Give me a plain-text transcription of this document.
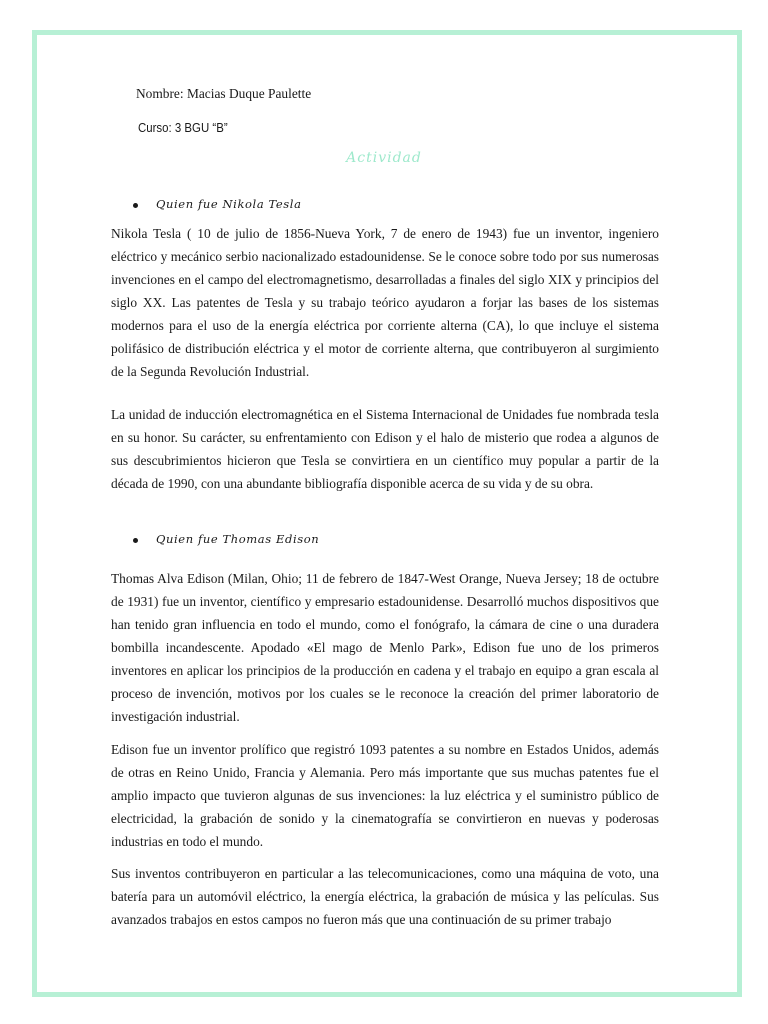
Nombre: Macias Duque Paulette
Curso: 3 BGU “B”
Actividad
Quien fue Nikola Tesla

Nikola Tesla ( 10 de julio de 1856-Nueva York, 7 de enero de 1943) fue un inventor, ingeniero eléctrico y mecánico serbio nacionalizado estadounidense. Se le conoce sobre todo por sus numerosas invenciones en el campo del electromagnetismo, desarrolladas a finales del siglo XIX y principios del siglo XX. Las patentes de Tesla y su trabajo teórico ayudaron a forjar las bases de los sistemas modernos para el uso de la energía eléctrica por corriente alterna (CA), lo que incluye el sistema polifásico de distribución eléctrica y el motor de corriente alterna, que contribuyeron al surgimiento de la Segunda Revolución Industrial.

La unidad de inducción electromagnética en el Sistema Internacional de Unidades fue nombrada tesla en su honor. Su carácter, su enfrentamiento con Edison y el halo de misterio que rodea a algunos de sus descubrimientos hicieron que Tesla se convirtiera en un científico muy popular a partir de la década de 1990, con una abundante bibliografía disponible acerca de su vida y de su obra.

Quien fue Thomas Edison

Thomas Alva Edison (Milan, Ohio; 11 de febrero de 1847-West Orange, Nueva Jersey; 18 de octubre de 1931) fue un inventor, científico y empresario estadounidense. Desarrolló muchos dispositivos que han tenido gran influencia en todo el mundo, como el fonógrafo, la cámara de cine o una duradera bombilla incandescente. Apodado «El mago de Menlo Park», Edison fue uno de los primeros inventores en aplicar los principios de la producción en cadena y el trabajo en equipo a gran escala al proceso de invención, motivos por los cuales se le reconoce la creación del primer laboratorio de investigación industrial.

Edison fue un inventor prolífico que registró 1093 patentes a su nombre en Estados Unidos, además de otras en Reino Unido, Francia y Alemania. Pero más importante que sus muchas patentes fue el amplio impacto que tuvieron algunas de sus invenciones: la luz eléctrica y el suministro público de electricidad, la grabación de sonido y la cinematografía se convirtieron en nuevas y poderosas industrias en todo el mundo.

Sus inventos contribuyeron en particular a las telecomunicaciones, como una máquina de voto, una batería para un automóvil eléctrico, la energía eléctrica, la grabación de música y las películas. Sus avanzados trabajos en estos campos no fueron más que una continuación de su primer trabajo
